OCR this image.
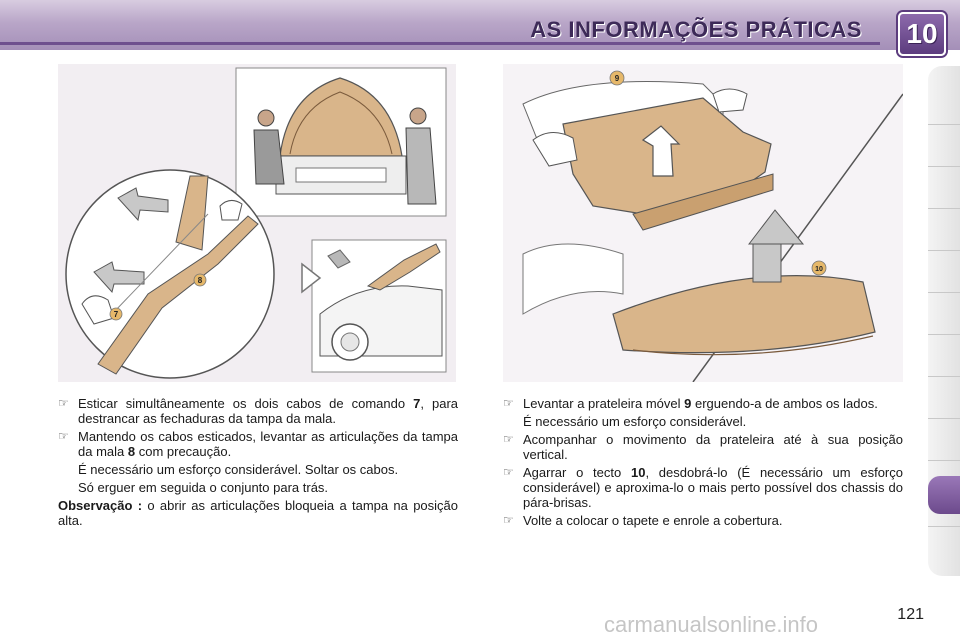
AS INFORMAÇÕES PRÁTICAS	10
8
7
9
10
☞ Esticar simultâneamente os dois cabos de comando 7, para destrancar as fechaduras da tampa da mala.
☞ Mantendo os cabos esticados, levantar as articulações da tampa da mala 8 com precaução.
É necessário um esforço considerável. Soltar os cabos.
Só erguer em seguida o conjunto para trás.
Observação : o abrir as articulações bloqueia a tampa na posição alta.
☞ Levantar a prateleira móvel 9 erguendo-a de ambos os lados.
É necessário um esforço considerável.
☞ Acompanhar o movimento da prateleira até à sua posição vertical.
☞ Agarrar o tecto 10, desdobrá-lo (É necessário um esforço considerável) e aproxima-lo o mais perto possível dos chassis do pára-brisas.
☞ Volte a colocar o tapete e enrole a cobertura.
121
carmanualsonline.info
